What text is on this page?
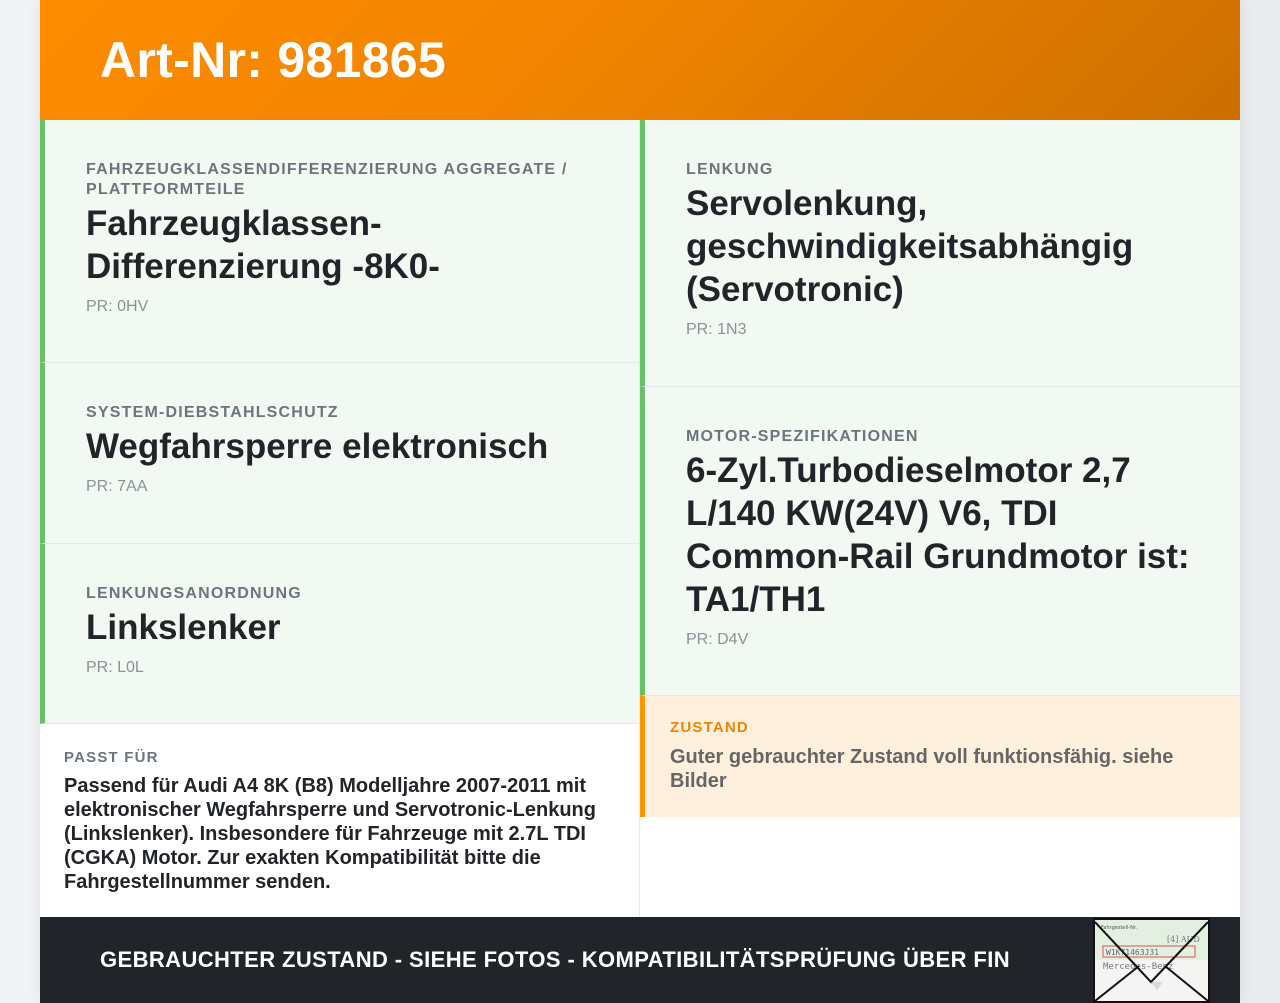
Art-Nr: 981865
FAHRZEUGKLASSENDIFFERENZIERUNG AGGREGATE / PLATTFORMTEILE
Fahrzeugklassen-Differenzierung -8K0-
PR: 0HV
SYSTEM-DIEBSTAHLSCHUTZ
Wegfahrsperre elektronisch
PR: 7AA
LENKUNGSANORDNUNG
Linkslenker
PR: L0L
PASST FÜR
Passend für Audi A4 8K (B8) Modelljahre 2007-2011 mit elektronischer Wegfahrsperre und Servotronic-Lenkung (Linkslenker). Insbesondere für Fahrzeuge mit 2.7L TDI (CGKA) Motor. Zur exakten Kompatibilität bitte die Fahrgestellnummer senden.
LENKUNG
Servolenkung, geschwindigkeitsabhängig (Servotronic)
PR: 1N3
MOTOR-SPEZIFIKATIONEN
6-Zyl.Turbodieselmotor 2,7 L/140 KW(24V) V6, TDI Common-Rail Grundmotor ist: TA1/TH1
PR: D4V
ZUSTAND
Guter gebrauchter Zustand voll funktionsfähig. siehe Bilder
GEBRAUCHTER ZUSTAND - SIEHE FOTOS - KOMPATIBILITÄTSPRÜFUNG ÜBER FIN
Fahrgestell-Nr.
[4] AUD
W1K71463J31
Mercedes-Benz
